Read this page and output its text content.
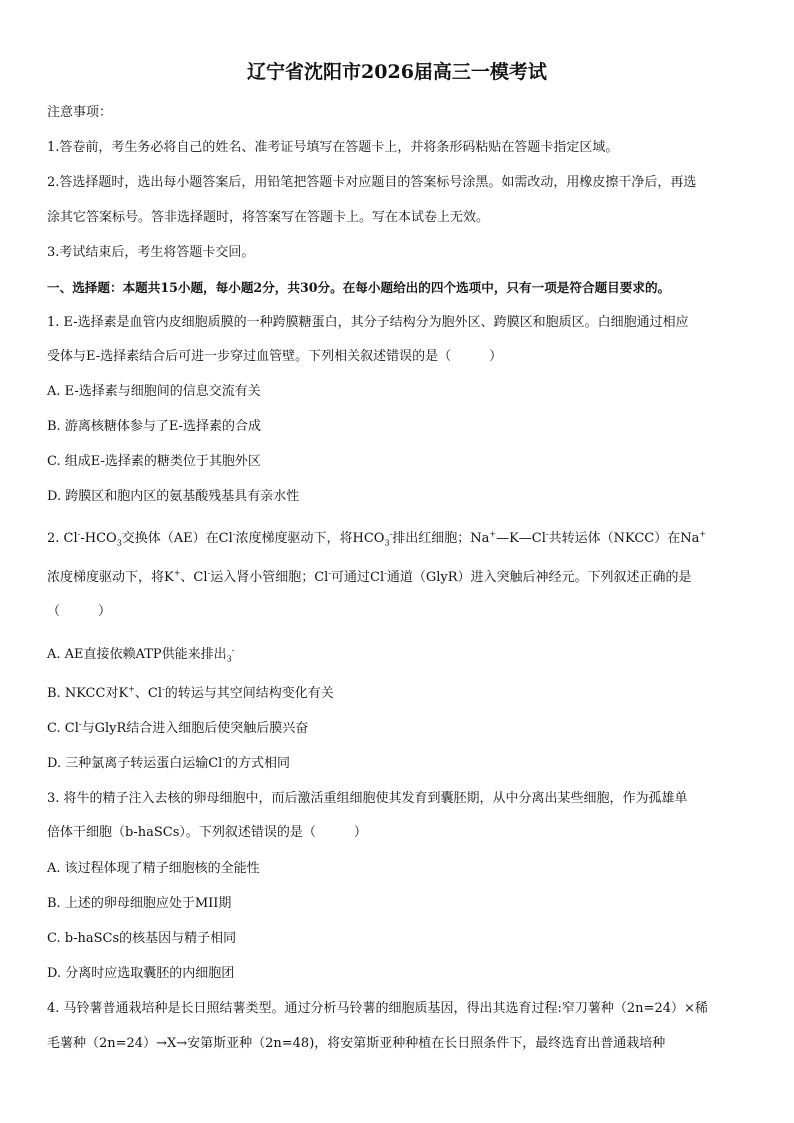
辽宁省沈阳市2026届高三一模考试
注意事项：
1.答卷前，考生务必将自己的姓名、准考证号填写在答题卡上，并将条形码粘贴在答题卡指定区域。
2.答选择题时，选出每小题答案后，用铅笔把答题卡对应题目的答案标号涂黑。如需改动，用橡皮擦干净后，再选
涂其它答案标号。答非选择题时，将答案写在答题卡上。写在本试卷上无效。
3.考试结束后，考生将答题卡交回。
一、选择题：本题共15小题，每小题2分，共30分。在每小题给出的四个选项中，只有一项是符合题目要求的。
1. E-选择素是血管内皮细胞质膜的一种跨膜糖蛋白，其分子结构分为胞外区、跨膜区和胞质区。白细胞通过相应
受体与E-选择素结合后可进一步穿过血管壁。下列相关叙述错误的是（	）
A. E-选择素与细胞间的信息交流有关
B. 游离核糖体参与了E-选择素的合成
C. 组成E-选择素的糖类位于其胞外区
D. 跨膜区和胞内区的氨基酸残基具有亲水性
2. $Cl^--HCO_3$交换体（AE）在Cl-浓度梯度驱动下，将$HCO_3^-$排出红细胞；Na+—K—Cl-共转运体（NKCC）在Na+
浓度梯度驱动下，将K+、Cl-运入肾小管细胞；Cl-可通过Cl-通道（GlyR）进入突触后神经元。下列叙述正确的是
（	）
A. AE直接依赖ATP供能来排出$_3$-
B. NKCC对K+、Cl-的转运与其空间结构变化有关
C. Cl-与GlyR结合进入细胞后使突触后膜兴奋
D. 三种氯离子转运蛋白运输Cl-的方式相同
3. 将牛的精子注入去核的卵母细胞中，而后激活重组细胞使其发育到囊胚期，从中分离出某些细胞，作为孤雄单
倍体干细胞（b-haSCs）。下列叙述错误的是（	）
A. 该过程体现了精子细胞核的全能性
B. 上述的卵母细胞应处于MII期
C. b-haSCs的核基因与精子相同
D. 分离时应选取囊胚的内细胞团
4. 马铃薯普通栽培种是长日照结薯类型。通过分析马铃薯的细胞质基因，得出其选育过程:窄刀薯种（2n=24）×稀
毛薯种（2n=24）→X→安第斯亚种（2n=48)，将安第斯亚种种植在长日照条件下，最终选育出普通栽培种
